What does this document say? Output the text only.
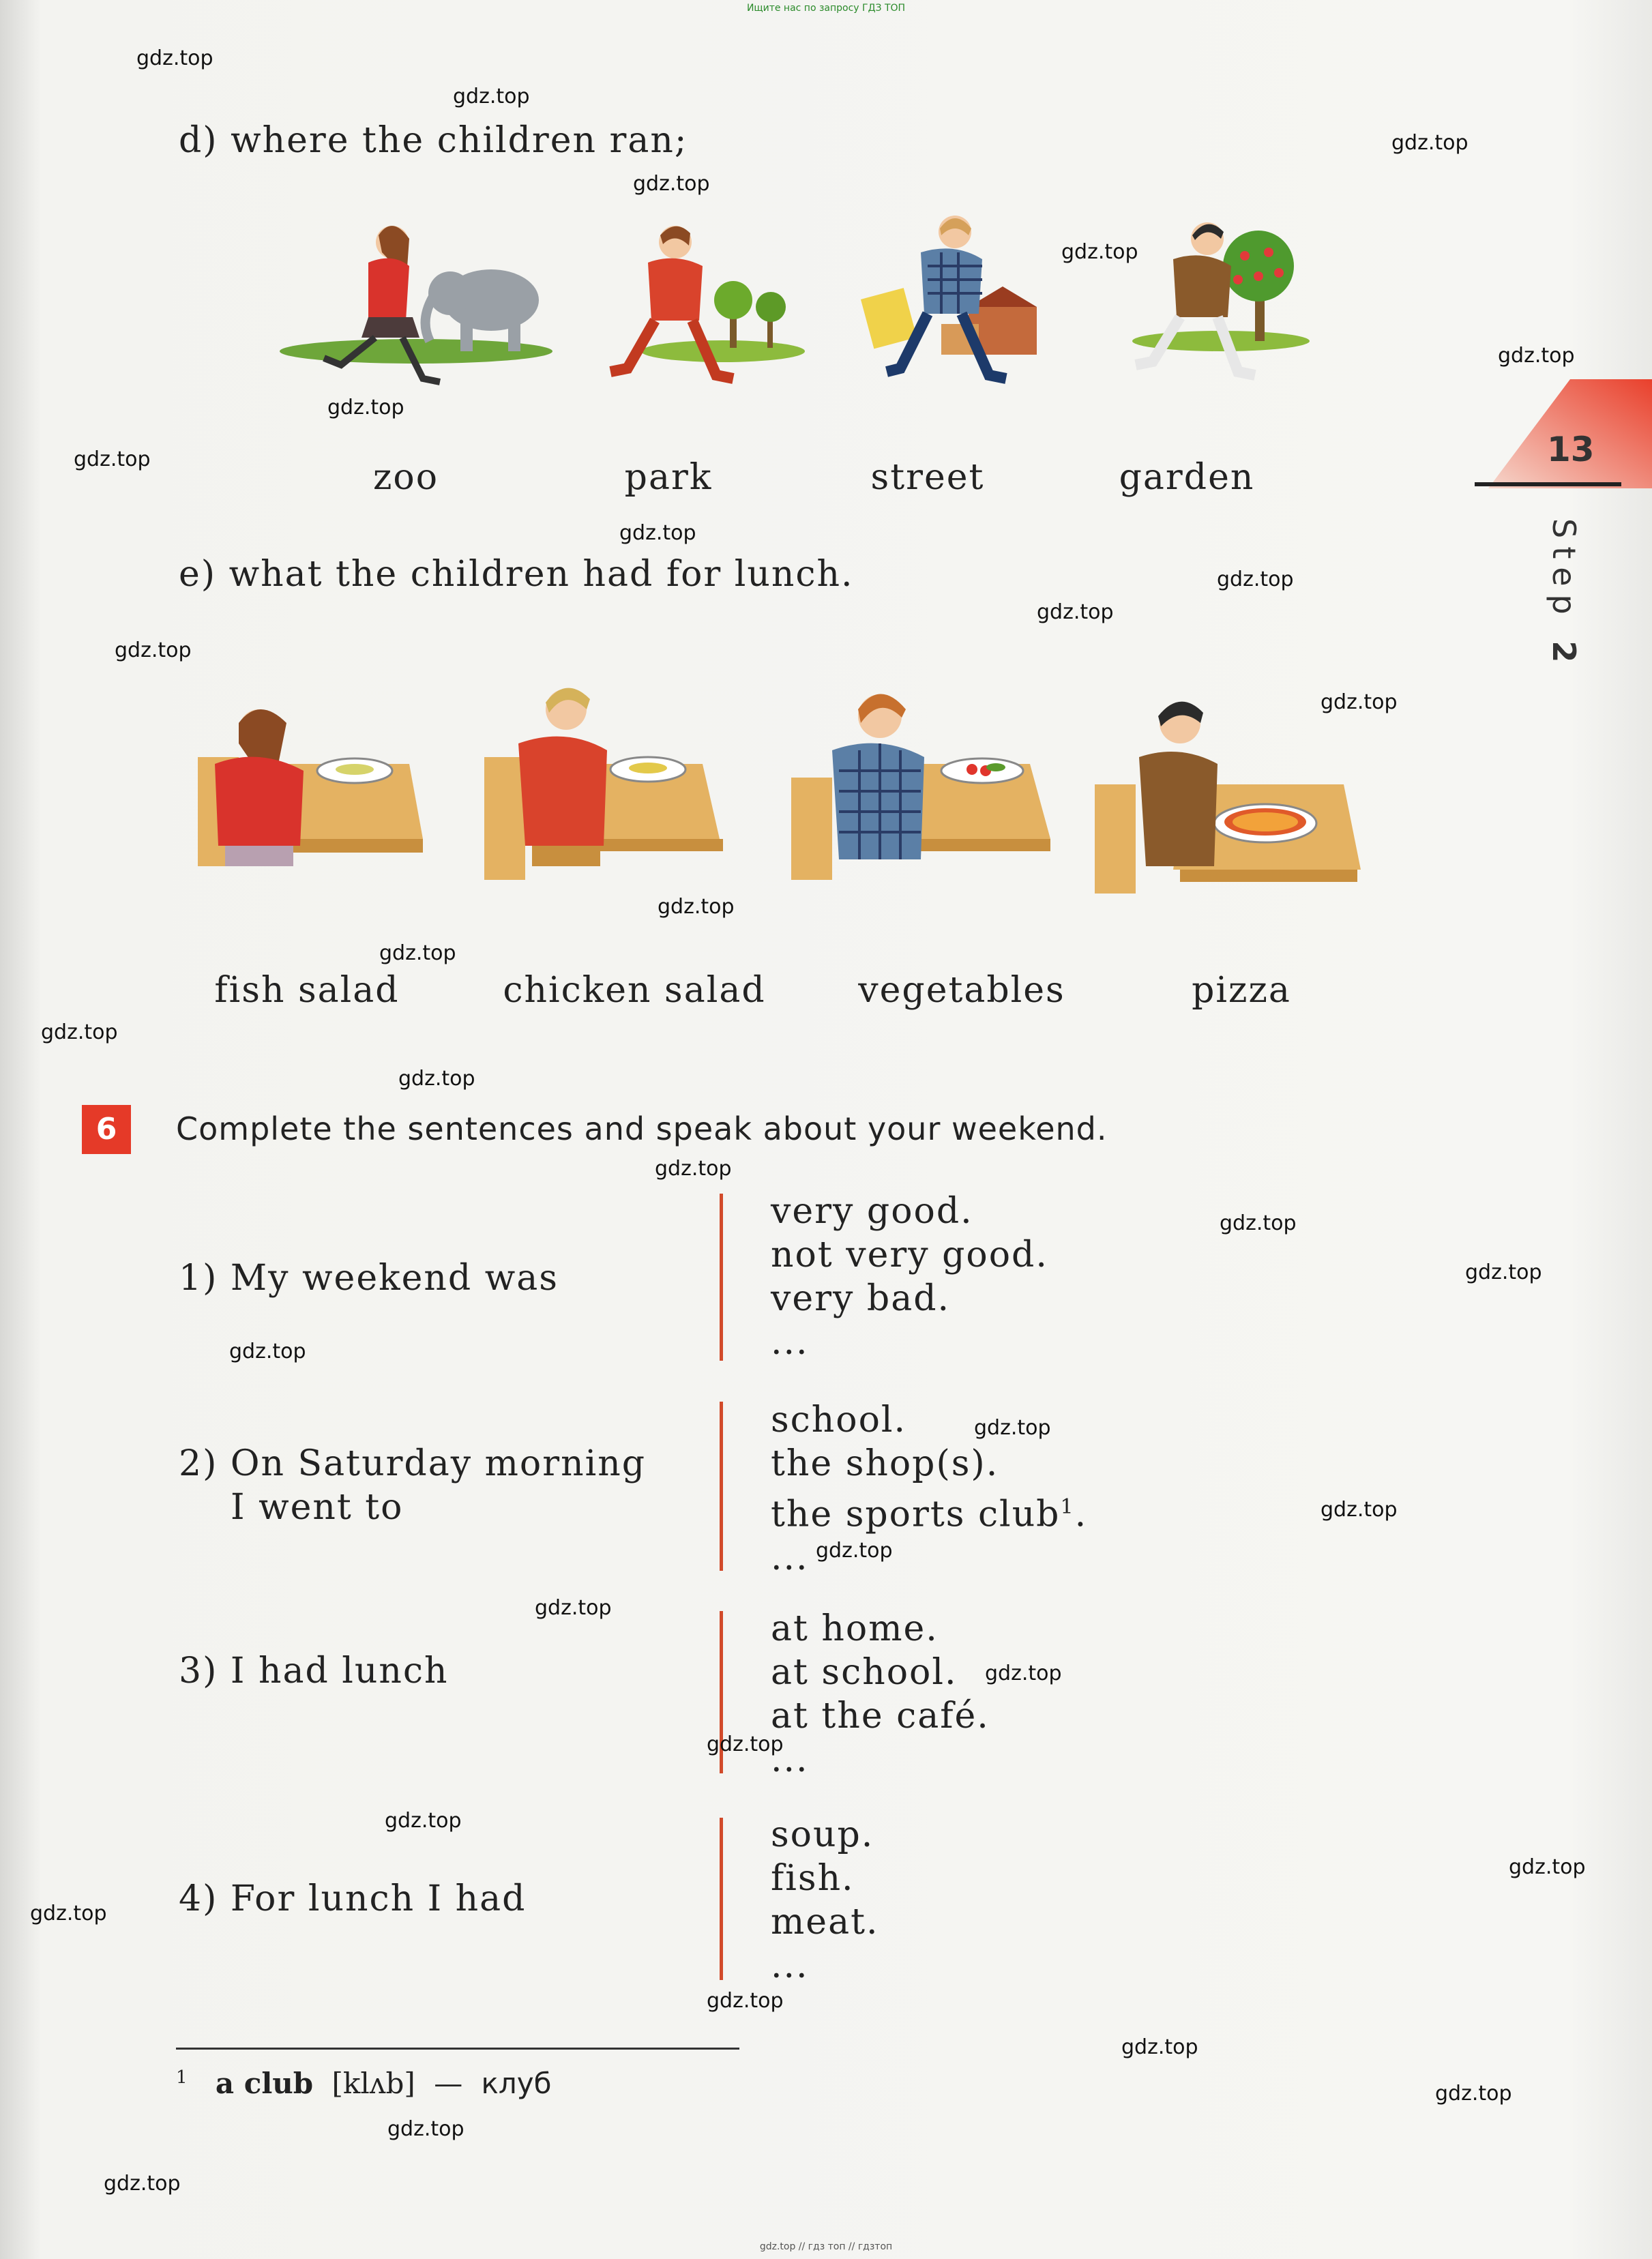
Ищите нас по запросу ГДЗ ТОП
13
Step 2
d) where the children ran;
zoo	park	street	garden
e) what the children had for lunch.
fish salad	chicken salad	vegetables	pizza
6	Complete the sentences and speak about your weekend.
1) My weekend was
very good.
not very good.
very bad.
...
2) On Saturday morning
I went to
school.
the shop(s).
the sports club$^1$.
...
3) I had lunch
at home.
at school.
at the café.
...
4) For lunch I had
soup.
fish.
meat.
...
$^1$ a club [klʌb] — клуб
gdz.top
gdz.top
gdz.top
gdz.top
gdz.top
gdz.top
gdz.top
gdz.top
gdz.top
gdz.top
gdz.top
gdz.top
gdz.top
gdz.top
gdz.top
gdz.top
gdz.top
gdz.top
gdz.top
gdz.top
gdz.top
gdz.top
gdz.top
gdz.top
gdz.top
gdz.top
gdz.top
gdz.top
gdz.top
gdz.top
gdz.top
gdz.top
gdz.top
gdz.top
gdz.top
gdz.top // гдз топ // гдзтоп
